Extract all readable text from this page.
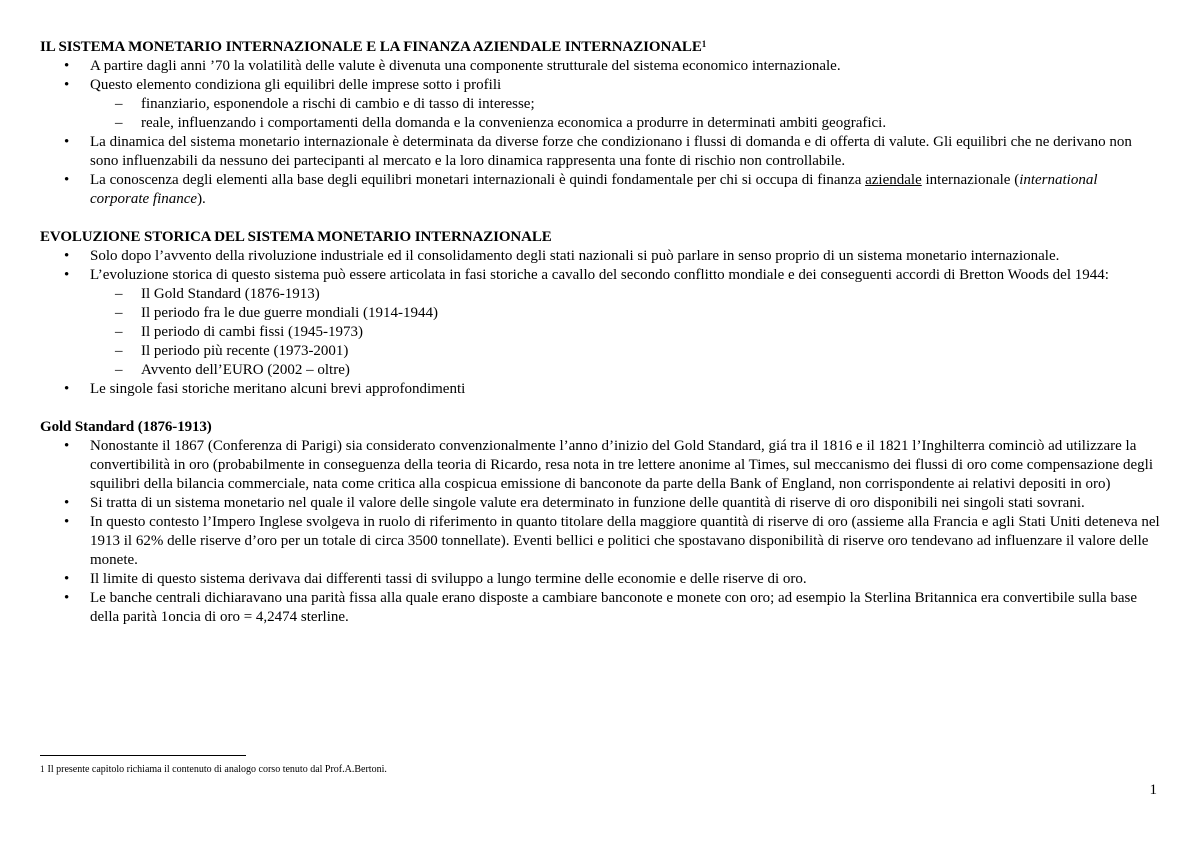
IL SISTEMA MONETARIO INTERNAZIONALE E LA FINANZA AZIENDALE INTERNAZIONALE$^1$
• A partire dagli anni ’70 la volatilità delle valute è divenuta una componente strutturale del sistema economico internazionale.
• Questo elemento condiziona gli equilibri delle imprese sotto i profili
– finanziario, esponendole a rischi di cambio e di tasso di interesse;
– reale, influenzando i comportamenti della domanda e la convenienza economica a produrre in determinati ambiti geografici.
• La dinamica del sistema monetario internazionale è determinata da diverse forze che condizionano i flussi di domanda e di offerta di valute. Gli equilibri che ne derivano non sono influenzabili da nessuno dei partecipanti al mercato e la loro dinamica rappresenta una fonte di rischio non controllabile.
• La conoscenza degli elementi alla base degli equilibri monetari internazionali è quindi fondamentale per chi si occupa di finanza aziendale internazionale (international corporate finance).
EVOLUZIONE STORICA DEL SISTEMA MONETARIO INTERNAZIONALE
• Solo dopo l’avvento della rivoluzione industriale ed il consolidamento degli stati nazionali si può parlare in senso proprio di un sistema monetario internazionale.
• L’evoluzione storica di questo sistema può essere articolata in fasi storiche a cavallo del secondo conflitto mondiale e dei conseguenti accordi di Bretton Woods del 1944:
– Il Gold Standard (1876-1913)
– Il periodo fra le due guerre mondiali (1914-1944)
– Il periodo di cambi fissi (1945-1973)
– Il periodo più recente (1973-2001)
– Avvento dell’EURO (2002 – oltre)
• Le singole fasi storiche meritano alcuni brevi approfondimenti
Gold Standard (1876-1913)
• Nonostante il 1867 (Conferenza di Parigi) sia considerato convenzionalmente l’anno d’inizio del Gold Standard, giá tra il 1816 e il 1821 l’Inghilterra cominciò ad utilizzare la convertibilità in oro (probabilmente in conseguenza della teoria di Ricardo, resa nota in tre lettere anonime al Times, sul meccanismo dei flussi di oro come compensazione degli squilibri della bilancia commerciale, nata come critica alla cospicua emissione di banconote da parte della Bank of England, non corrispondente ai relativi depositi in oro)
• Si tratta di un sistema monetario nel quale il valore delle singole valute era determinato in funzione delle quantità di riserve di oro disponibili nei singoli stati sovrani.
• In questo contesto l’Impero Inglese svolgeva in ruolo di riferimento in quanto titolare della maggiore quantità di riserve di oro (assieme alla Francia e agli Stati Uniti deteneva nel 1913 il 62% delle riserve d’oro per un totale di circa 3500 tonnellate). Eventi bellici e politici che spostavano disponibilità di riserve oro tendevano ad influenzare il valore delle monete.
• Il limite di questo sistema derivava dai differenti tassi di sviluppo a lungo termine delle economie e delle riserve di oro.
• Le banche centrali dichiaravano una parità fissa alla quale erano disposte a cambiare banconote e monete con oro; ad esempio la Sterlina Britannica era convertibile sulla base della parità 1oncia di oro = 4,2474 sterline.
1 Il presente capitolo richiama il contenuto di analogo corso tenuto dal Prof.A.Bertoni.
1
